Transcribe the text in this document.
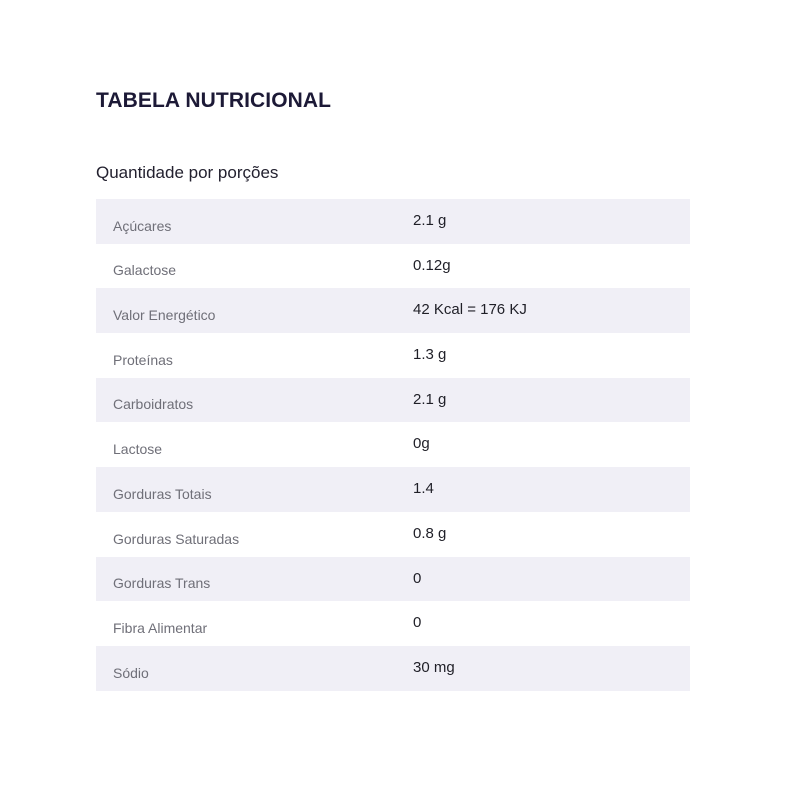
TABELA NUTRICIONAL
Quantidade por porções
Açúcares	2.1 g
Galactose	0.12g
Valor Energético	42 Kcal = 176 KJ
Proteínas	1.3 g
Carboidratos	2.1 g
Lactose	0g
Gorduras Totais	1.4
Gorduras Saturadas	0.8 g
Gorduras Trans	0
Fibra Alimentar	0
Sódio	30 mg
